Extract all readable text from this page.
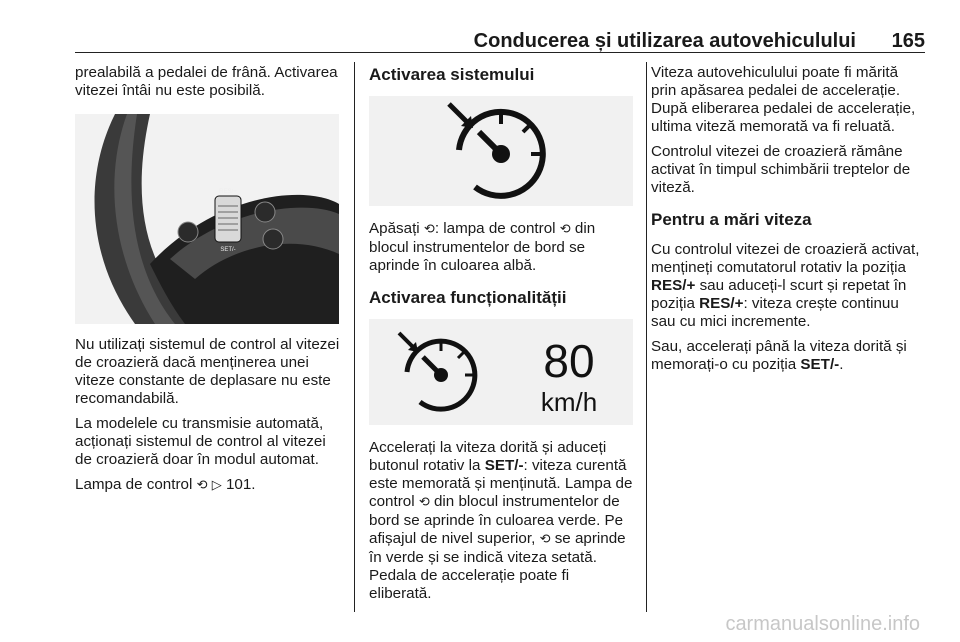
Conducerea și utilizarea autovehiculului 165

prealabilă a pedalei de frână. Activarea vitezei întâi nu este posibilă.

RES/+
SET/-

Nu utilizați sistemul de control al vitezei de croazieră dacă menținerea unei viteze constante de deplasare nu este recomandabilă.

La modelele cu transmisie automată, acționați sistemul de control al vitezei de croazieră doar în modul automat.

Lampa de control ⟲ ▷ 101.

Activarea sistemului

Apăsați ⟲: lampa de control ⟲ din blocul instrumentelor de bord se aprinde în culoarea albă.

Activarea funcționalității
80
km/h

Accelerați la viteza dorită și aduceți butonul rotativ la SET/-: viteza curentă este memorată și menținută. Lampa de control ⟲ din blocul instrumentelor de bord se aprinde în culoarea verde. Pe afișajul de nivel superior, ⟲ se aprinde în verde și se indică viteza setată. Pedala de accelerație poate fi eliberată.

Viteza autovehiculului poate fi mărită prin apăsarea pedalei de accelerație. După eliberarea pedalei de accelerație, ultima viteză memorată va fi reluată.

Controlul vitezei de croazieră rămâne activat în timpul schimbării treptelor de viteză.

Pentru a mări viteza

Cu controlul vitezei de croazieră activat, mențineți comutatorul rotativ la poziția RES/+ sau aduceți-l scurt și repetat în poziția RES/+: viteza crește continuu sau cu mici incremente.

Sau, accelerați până la viteza dorită și memorați-o cu poziția SET/-.

carmanualsonline.info
